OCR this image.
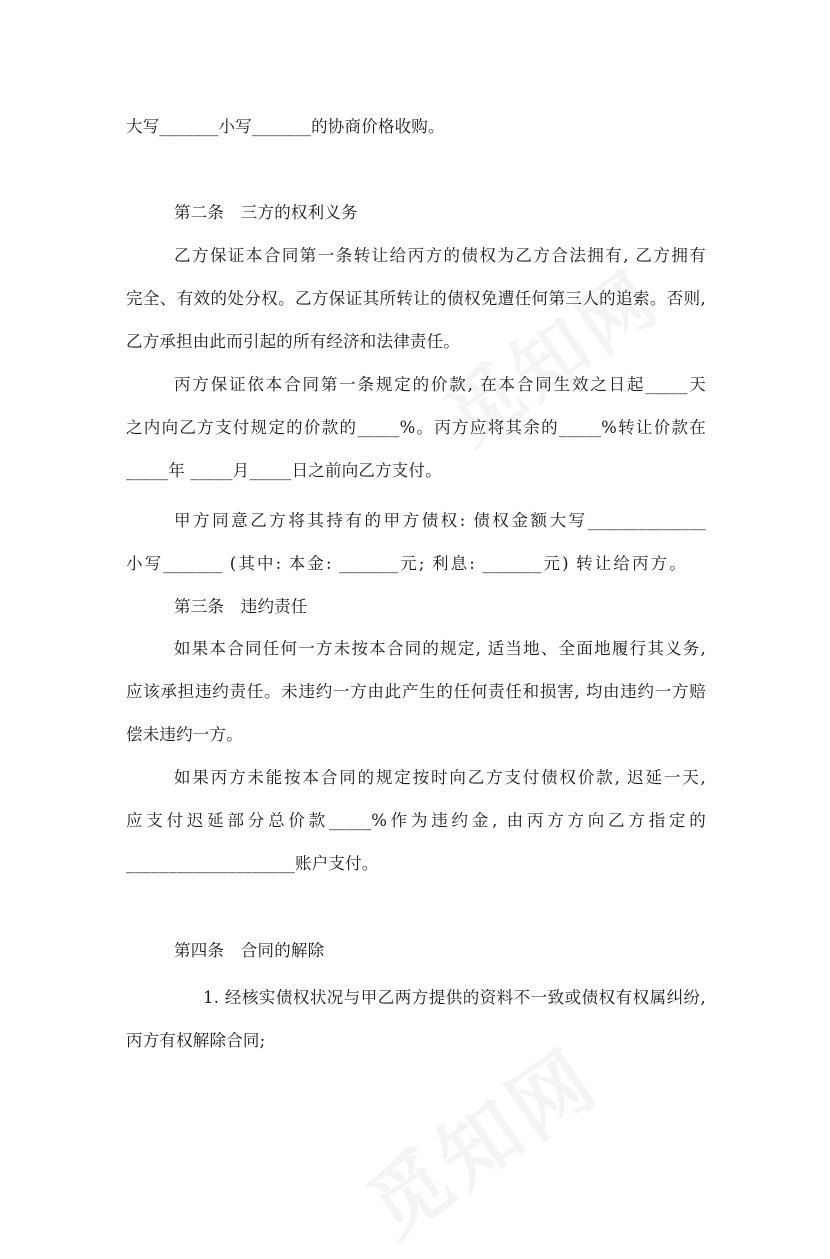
大写_______小写_______的协商价格收购。
第二条　三方的权利义务
乙方保证本合同第一条转让给丙方的债权为乙方合法拥有, 乙方拥有
完全、有效的处分权。乙方保证其所转让的债权免遭任何第三人的追索。否则,
乙方承担由此而引起的所有经济和法律责任。
丙方保证依本合同第一条规定的价款, 在本合同生效之日起_____天
之内向乙方支付规定的价款的_____%。丙方应将其余的_____%转让价款在
_____年 _____月_____日之前向乙方支付。
甲方同意乙方将其持有的甲方债权: 债权金额大写______________
小写_______ (其中: 本金: _______元; 利息: _______元) 转让给丙方。
第三条　违约责任
如果本合同任何一方未按本合同的规定, 适当地、全面地履行其义务,
应该承担违约责任。未违约一方由此产生的任何责任和损害, 均由违约一方赔
偿未违约一方。
如果丙方未能按本合同的规定按时向乙方支付债权价款, 迟延一天,
应支付迟延部分总价款_____%作为违约金, 由丙方方向乙方指定的
____________________账户支付。
第四条　合同的解除
1. 经核实债权状况与甲乙两方提供的资料不一致或债权有权属纠纷,
丙方有权解除合同;
